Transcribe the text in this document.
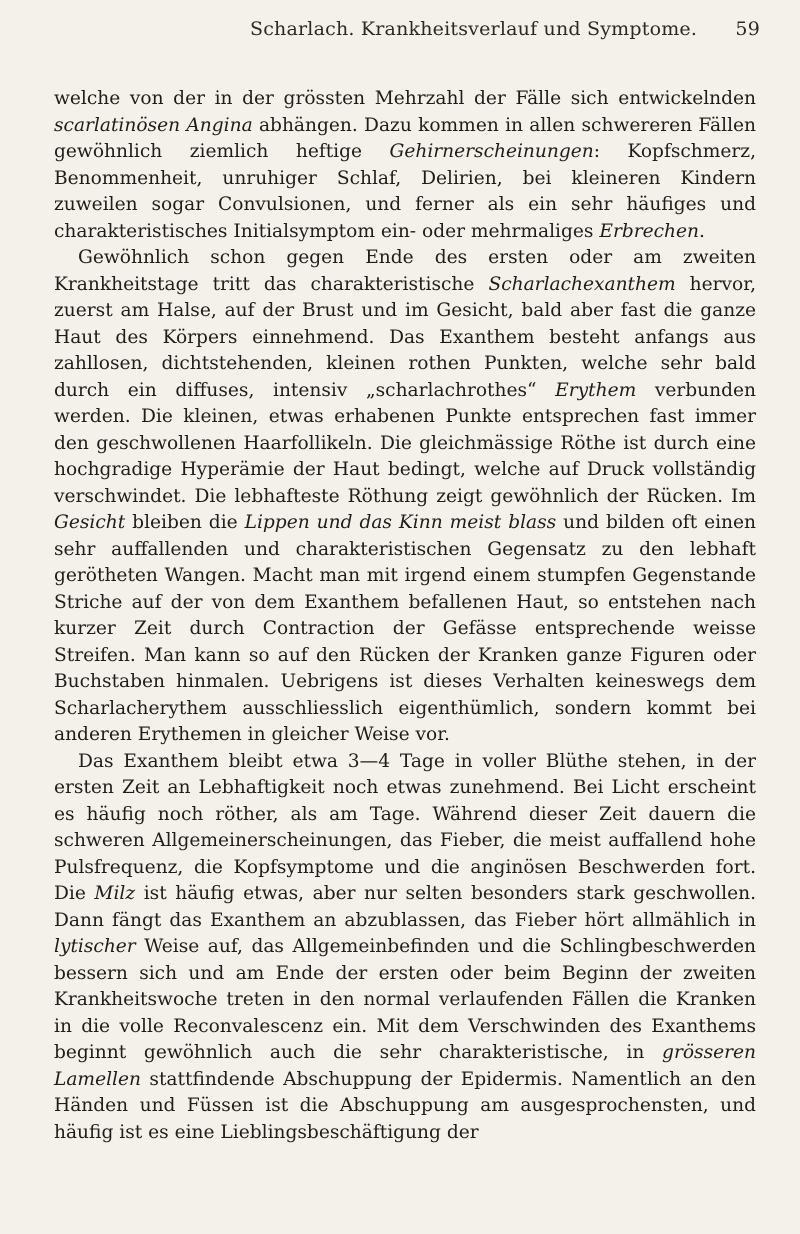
Scharlach. Krankheitsverlauf und Symptome. 59

welche von der in der grössten Mehrzahl der Fälle sich entwickelnden scarlatinösen Angina abhängen. Dazu kommen in allen schwereren Fällen gewöhnlich ziemlich heftige Gehirnerscheinungen: Kopfschmerz, Benommenheit, unruhiger Schlaf, Delirien, bei kleineren Kindern zuweilen sogar Convulsionen, und ferner als ein sehr häufiges und charakteristisches Initialsymptom ein- oder mehrmaliges Erbrechen.

Gewöhnlich schon gegen Ende des ersten oder am zweiten Krankheitstage tritt das charakteristische Scharlachexanthem hervor, zuerst am Halse, auf der Brust und im Gesicht, bald aber fast die ganze Haut des Körpers einnehmend. Das Exanthem besteht anfangs aus zahllosen, dichtstehenden, kleinen rothen Punkten, welche sehr bald durch ein diffuses, intensiv „scharlachrothes“ Erythem verbunden werden. Die kleinen, etwas erhabenen Punkte entsprechen fast immer den geschwollenen Haarfollikeln. Die gleichmässige Röthe ist durch eine hochgradige Hyperämie der Haut bedingt, welche auf Druck vollständig verschwindet. Die lebhafteste Röthung zeigt gewöhnlich der Rücken. Im Gesicht bleiben die Lippen und das Kinn meist blass und bilden oft einen sehr auffallenden und charakteristischen Gegensatz zu den lebhaft gerötheten Wangen. Macht man mit irgend einem stumpfen Gegenstande Striche auf der von dem Exanthem befallenen Haut, so entstehen nach kurzer Zeit durch Contraction der Gefässe entsprechende weisse Streifen. Man kann so auf den Rücken der Kranken ganze Figuren oder Buchstaben hinmalen. Uebrigens ist dieses Verhalten keineswegs dem Scharlacherythem ausschliesslich eigenthümlich, sondern kommt bei anderen Erythemen in gleicher Weise vor.

Das Exanthem bleibt etwa 3—4 Tage in voller Blüthe stehen, in der ersten Zeit an Lebhaftigkeit noch etwas zunehmend. Bei Licht erscheint es häufig noch röther, als am Tage. Während dieser Zeit dauern die schweren Allgemeinerscheinungen, das Fieber, die meist auffallend hohe Pulsfrequenz, die Kopfsymptome und die anginösen Beschwerden fort. Die Milz ist häufig etwas, aber nur selten besonders stark geschwollen. Dann fängt das Exanthem an abzublassen, das Fieber hört allmählich in lytischer Weise auf, das Allgemeinbefinden und die Schlingbeschwerden bessern sich und am Ende der ersten oder beim Beginn der zweiten Krankheitswoche treten in den normal verlaufenden Fällen die Kranken in die volle Reconvalescenz ein. Mit dem Verschwinden des Exanthems beginnt gewöhnlich auch die sehr charakteristische, in grösseren Lamellen stattfindende Abschuppung der Epidermis. Namentlich an den Händen und Füssen ist die Abschuppung am ausgesprochensten, und häufig ist es eine Lieblingsbeschäftigung der
